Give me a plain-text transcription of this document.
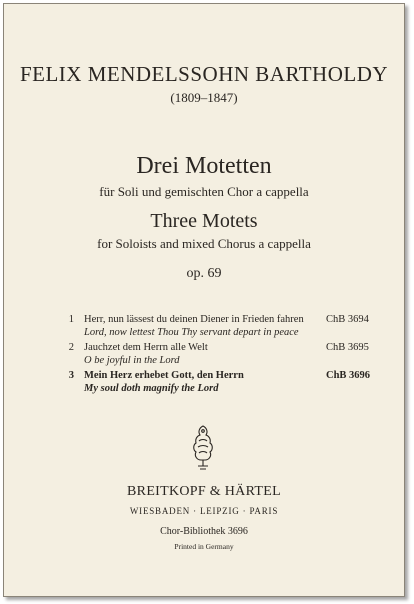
FELIX MENDELSSOHN BARTHOLDY
(1809–1847)
Drei Motetten
für Soli und gemischten Chor a cappella
Three Motets
for Soloists and mixed Chorus a cappella
op. 69
1 Herr, nun lässest du deinen Diener in Frieden fahren
Lord, now lettest Thou Thy servant depart in peace
ChB 3694
2 Jauchzet dem Herrn alle Welt
O be joyful in the Lord
ChB 3695
3 Mein Herz erhebet Gott, den Herrn
My soul doth magnify the Lord
ChB 3696
BREITKOPF & HÄRTEL
WIESBADEN · LEIPZIG · PARIS
Chor-Bibliothek 3696
Printed in Germany
